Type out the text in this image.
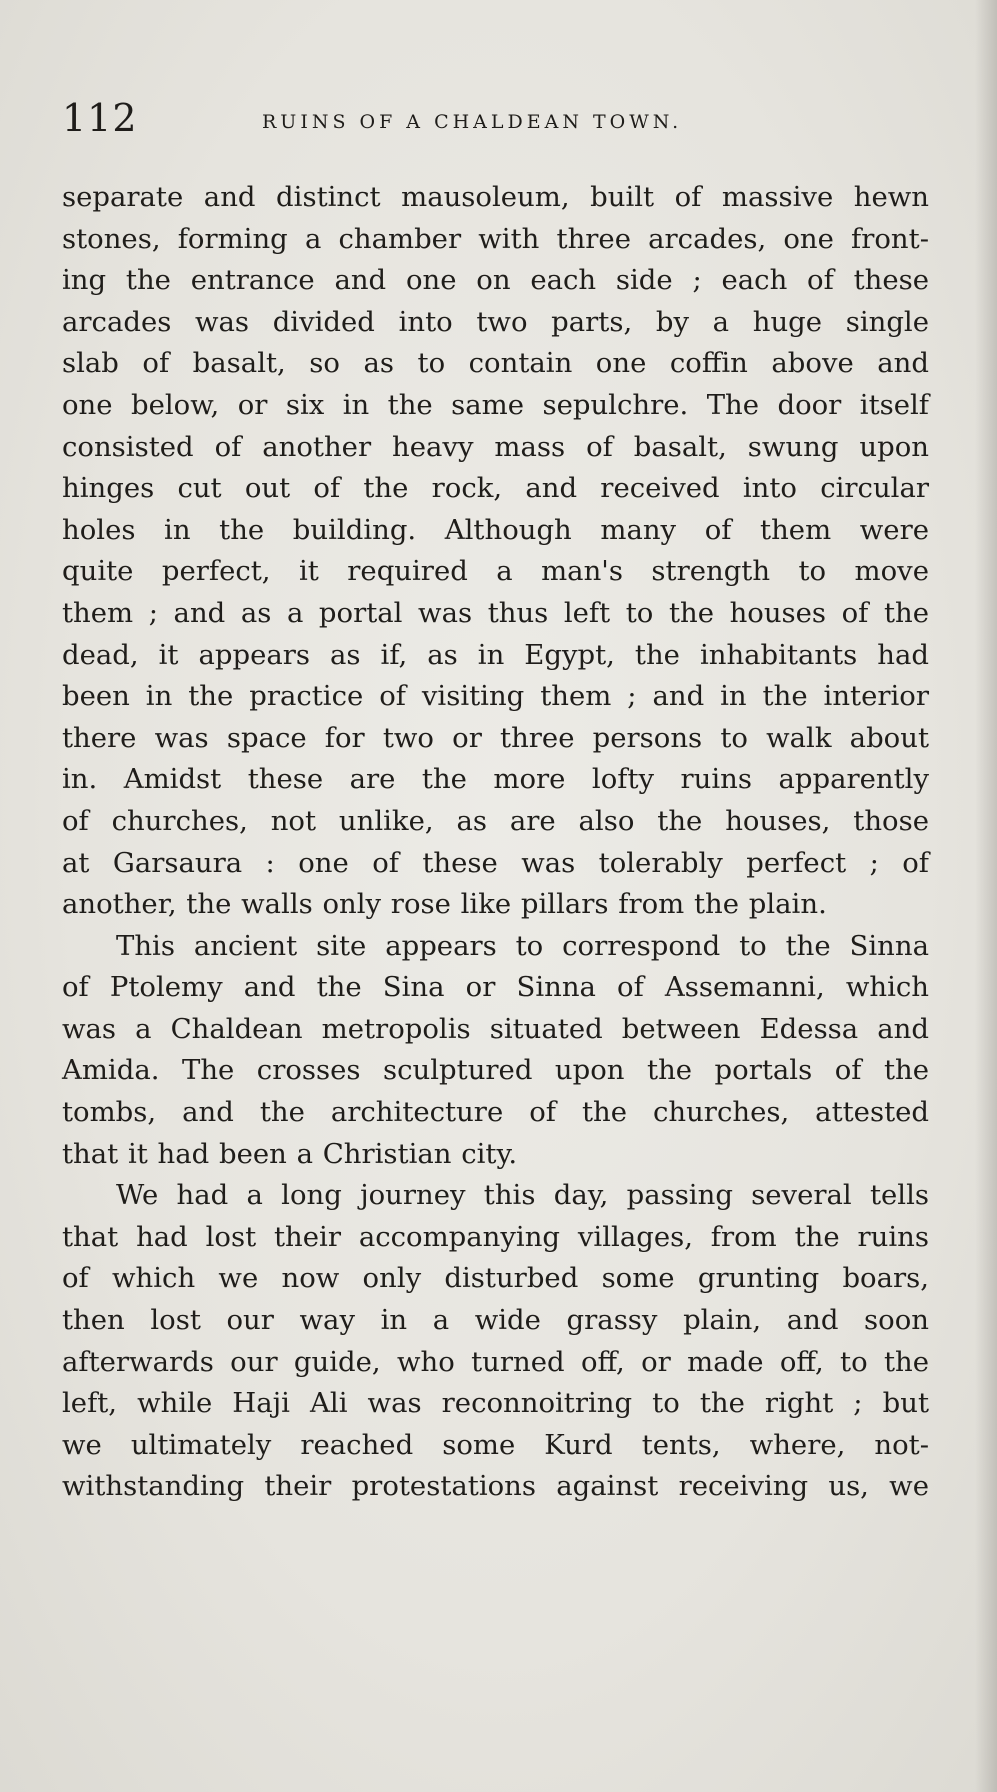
112	RUINS OF A CHALDEAN TOWN.
separate and distinct mausoleum, built of massive hewn
stones, forming a chamber with three arcades, one front-
ing the entrance and one on each side ; each of these
arcades was divided into two parts, by a huge single
slab of basalt, so as to contain one coffin above and
one below, or six in the same sepulchre. The door itself
consisted of another heavy mass of basalt, swung upon
hinges cut out of the rock, and received into circular
holes in the building. Although many of them were
quite perfect, it required a man's strength to move
them ; and as a portal was thus left to the houses of the
dead, it appears as if, as in Egypt, the inhabitants had
been in the practice of visiting them ; and in the interior
there was space for two or three persons to walk about
in. Amidst these are the more lofty ruins apparently
of churches, not unlike, as are also the houses, those
at Garsaura : one of these was tolerably perfect ; of
another, the walls only rose like pillars from the plain.
This ancient site appears to correspond to the Sinna
of Ptolemy and the Sina or Sinna of Assemanni, which
was a Chaldean metropolis situated between Edessa and
Amida. The crosses sculptured upon the portals of the
tombs, and the architecture of the churches, attested
that it had been a Christian city.
We had a long journey this day, passing several tells
that had lost their accompanying villages, from the ruins
of which we now only disturbed some grunting boars,
then lost our way in a wide grassy plain, and soon
afterwards our guide, who turned off, or made off, to the
left, while Haji Ali was reconnoitring to the right ; but
we ultimately reached some Kurd tents, where, not-
withstanding their protestations against receiving us, we
